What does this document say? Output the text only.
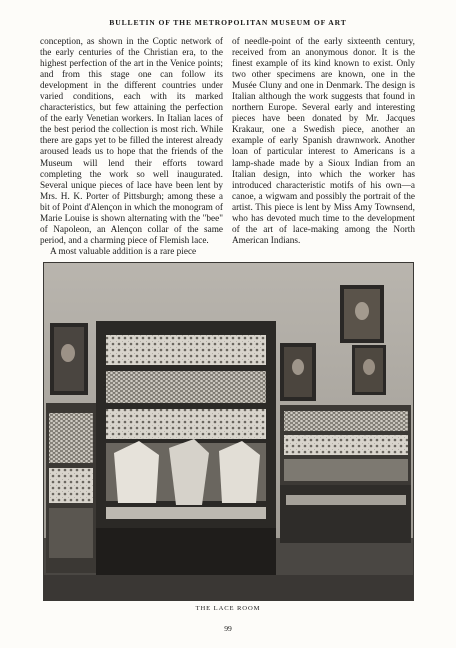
BULLETIN OF THE METROPOLITAN MUSEUM OF ART

conception, as shown in the Coptic network of the early centuries of the Christian era, to the highest perfection of the art in the Venice points; and from this stage one can follow its development in the different countries under varied conditions, each with its marked characteristics, but few attaining the perfection of the early Venetian workers. In Italian laces of the best period the collection is most rich. While there are gaps yet to be filled the interest already aroused leads us to hope that the friends of the Museum will lend their efforts toward completing the work so well inaugurated. Several unique pieces of lace have been lent by Mrs. H. K. Porter of Pittsburgh; among these a bit of Point d'Alençon in which the monogram of Marie Louise is shown alternating with the "bee" of Napoleon, an Alençon collar of the same period, and a charming piece of Flemish lace.

A most valuable addition is a rare piece

of needle-point of the early sixteenth century, received from an anonymous donor. It is the finest example of its kind known to exist. Only two other specimens are known, one in the Musée Cluny and one in Denmark. The design is Italian although the work suggests that found in northern Europe. Several early and interesting pieces have been donated by Mr. Jacques Krakaur, one a Swedish piece, another an example of early Spanish drawnwork. Another loan of particular interest to Americans is a lamp-shade made by a Sioux Indian from an Italian design, into which the worker has introduced characteristic motifs of his own—a canoe, a wigwam and possibly the portrait of the artist. This piece is lent by Miss Amy Townsend, who has devoted much time to the development of the art of lace-making among the North American Indians.

THE LACE ROOM
99
